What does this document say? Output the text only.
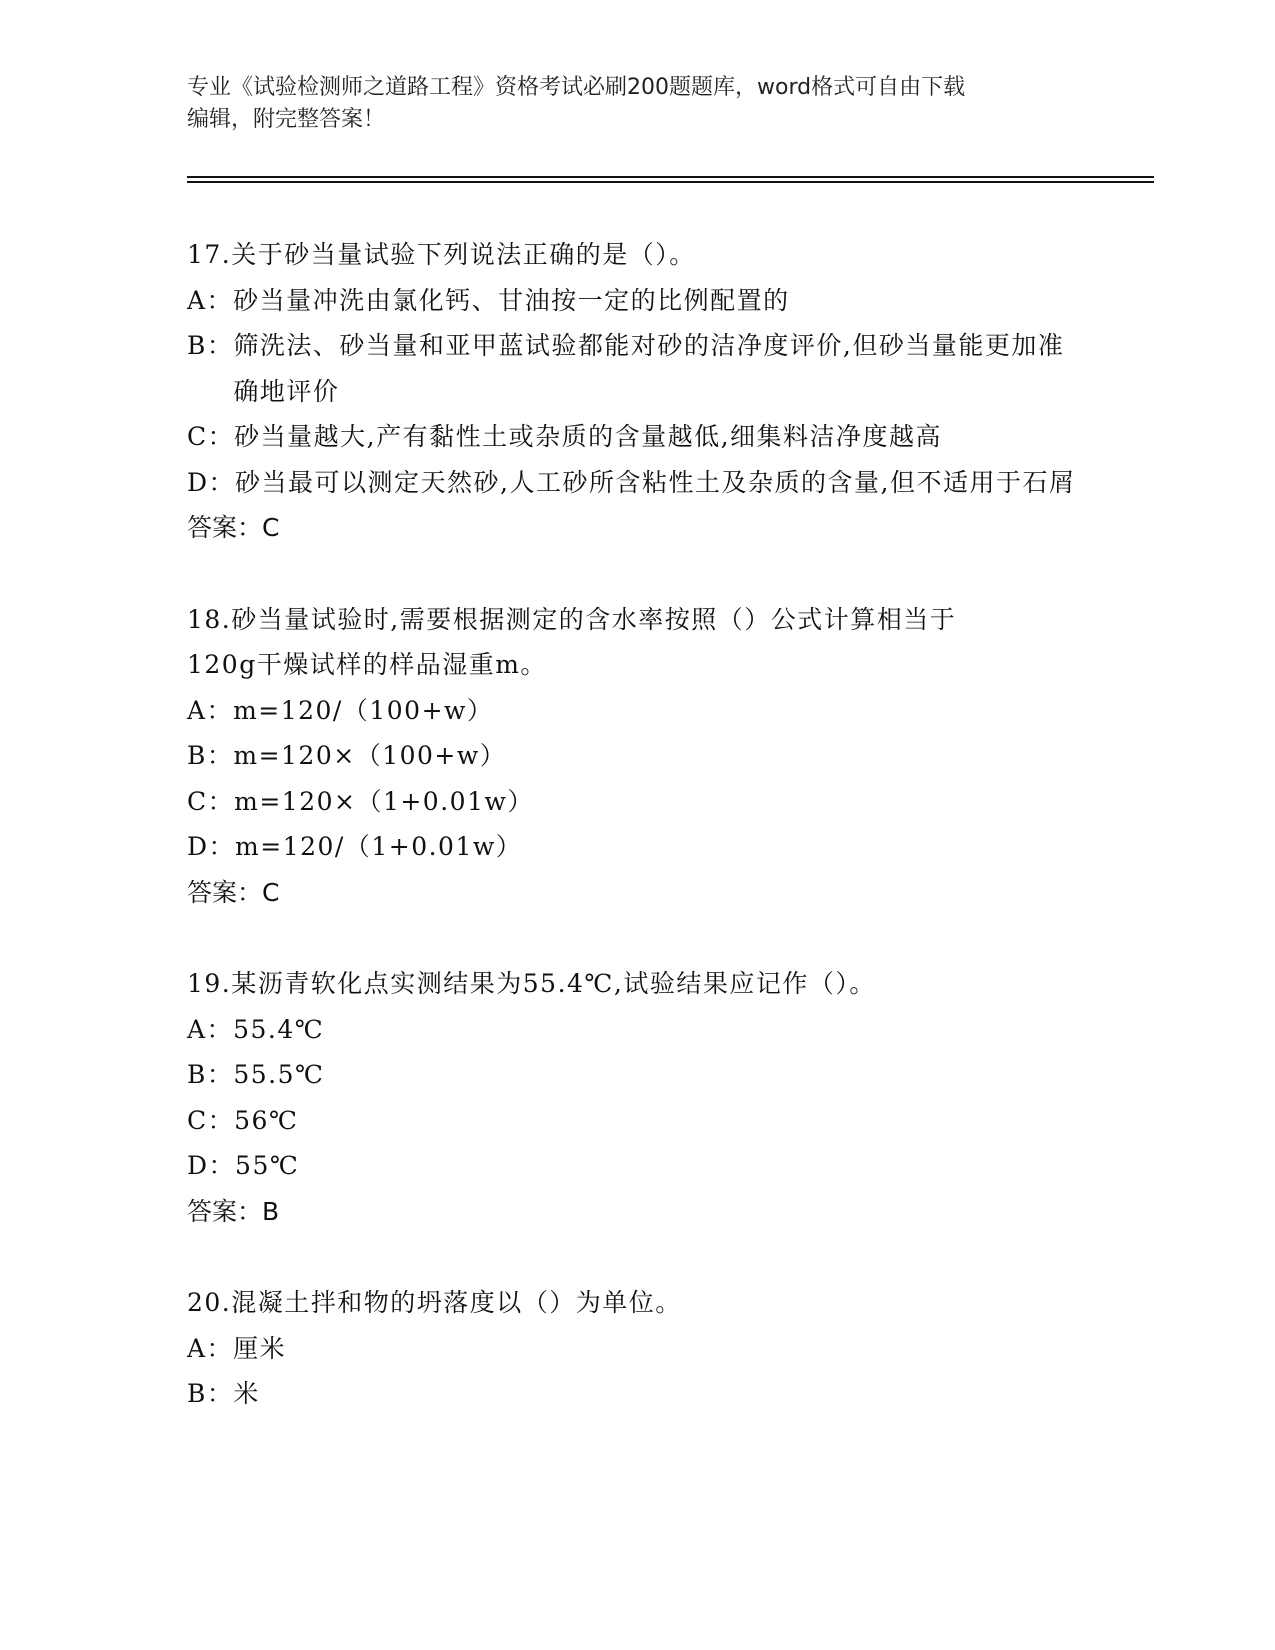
专业《试验检测师之道路工程》资格考试必刷200题题库，word格式可自由下载
编辑，附完整答案！
17.关于砂当量试验下列说法正确的是（）。
A： 砂当量冲洗由氯化钙、甘油按一定的比例配置的
B： 筛洗法、砂当量和亚甲蓝试验都能对砂的洁净度评价,但砂当量能更加准确地评价
C： 砂当量越大,产有黏性土或杂质的含量越低,细集料洁净度越高
D： 砂当最可以测定天然砂,人工砂所含粘性土及杂质的含量,但不适用于石屑
答案：C
18.砂当量试验时,需要根据测定的含水率按照（）公式计算相当于
120g干燥试样的样品湿重m。
A： m=120/（100+w）
B： m=120×（100+w）
C： m=120×（1+0.01w）
D： m=120/（1+0.01w）
答案：C
19.某沥青软化点实测结果为55.4℃,试验结果应记作（）。
A： 55.4℃
B： 55.5℃
C： 56℃
D： 55℃
答案：B
20.混凝土拌和物的坍落度以（）为单位。
A： 厘米
B： 米
